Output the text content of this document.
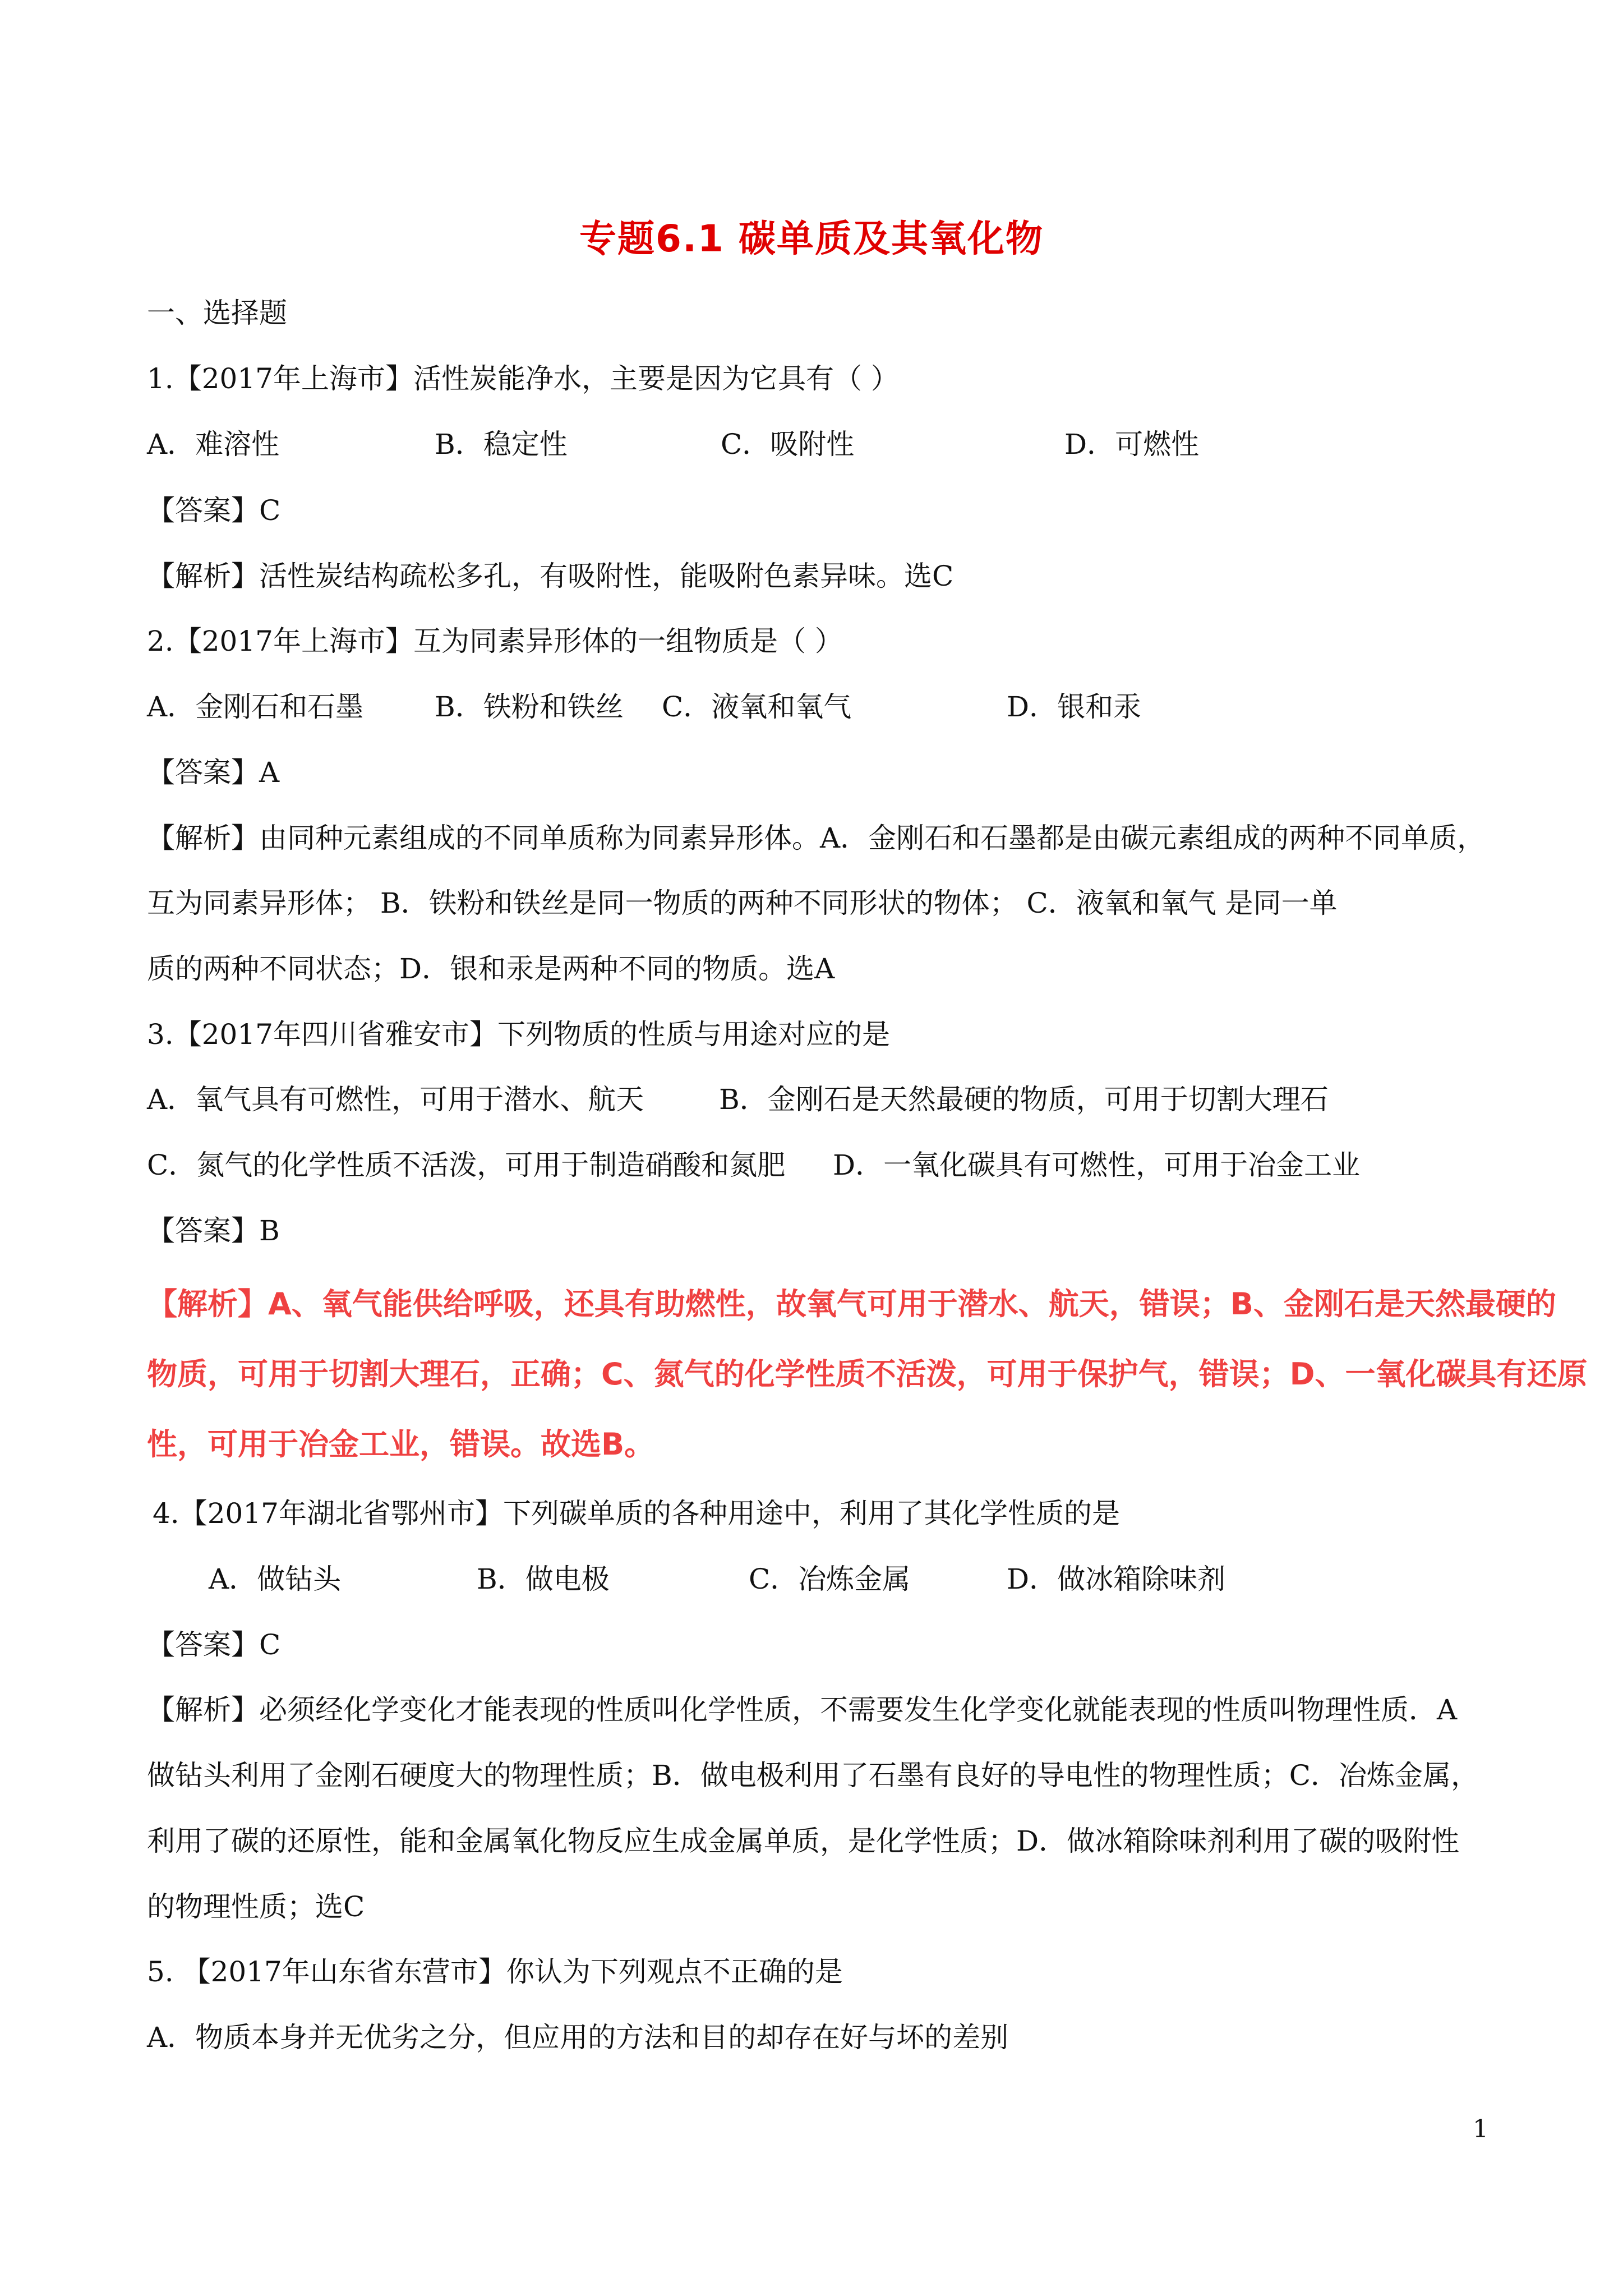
专题6.1 碳单质及其氧化物
一、选择题
1.【2017年上海市】活性炭能净水，主要是因为它具有（ ）
A．难溶性	B．稳定性	C．吸附性	D．可燃性
【答案】C
【解析】活性炭结构疏松多孔，有吸附性，能吸附色素异味。选C
2.【2017年上海市】互为同素异形体的一组物质是（ ）
A．金刚石和石墨	B．铁粉和铁丝 C．液氧和氧气	D．银和汞
【答案】A
【解析】由同种元素组成的不同单质称为同素异形体。A．金刚石和石墨都是由碳元素组成的两种不同单质，
互为同素异形体； B．铁粉和铁丝是同一物质的两种不同形状的物体； C．液氧和氧气 是同一单
质的两种不同状态；D．银和汞是两种不同的物质。选A
3.【2017年四川省雅安市】下列物质的性质与用途对应的是
A．氧气具有可燃性，可用于潜水、航天	B．金刚石是天然最硬的物质，可用于切割大理石
C．氮气的化学性质不活泼，可用于制造硝酸和氮肥 D．一氧化碳具有可燃性，可用于冶金工业
【答案】B
【解析】A、氧气能供给呼吸，还具有助燃性，故氧气可用于潜水、航天，错误；B、金刚石是天然最硬的
物质，可用于切割大理石，正确；C、氮气的化学性质不活泼，可用于保护气，错误；D、一氧化碳具有还原
性，可用于冶金工业，错误。故选B。
4.【2017年湖北省鄂州市】下列碳单质的各种用途中，利用了其化学性质的是
A．做钻头	B．做电极	C．冶炼金属	D．做冰箱除味剂
【答案】C
【解析】必须经化学变化才能表现的性质叫化学性质，不需要发生化学变化就能表现的性质叫物理性质．A
做钻头利用了金刚石硬度大的物理性质；B．做电极利用了石墨有良好的导电性的物理性质；C．冶炼金属，
利用了碳的还原性，能和金属氧化物反应生成金属单质，是化学性质；D．做冰箱除味剂利用了碳的吸附性
的物理性质；选C
5. 【2017年山东省东营市】你认为下列观点不正确的是
A．物质本身并无优劣之分，但应用的方法和目的却存在好与坏的差别
1
